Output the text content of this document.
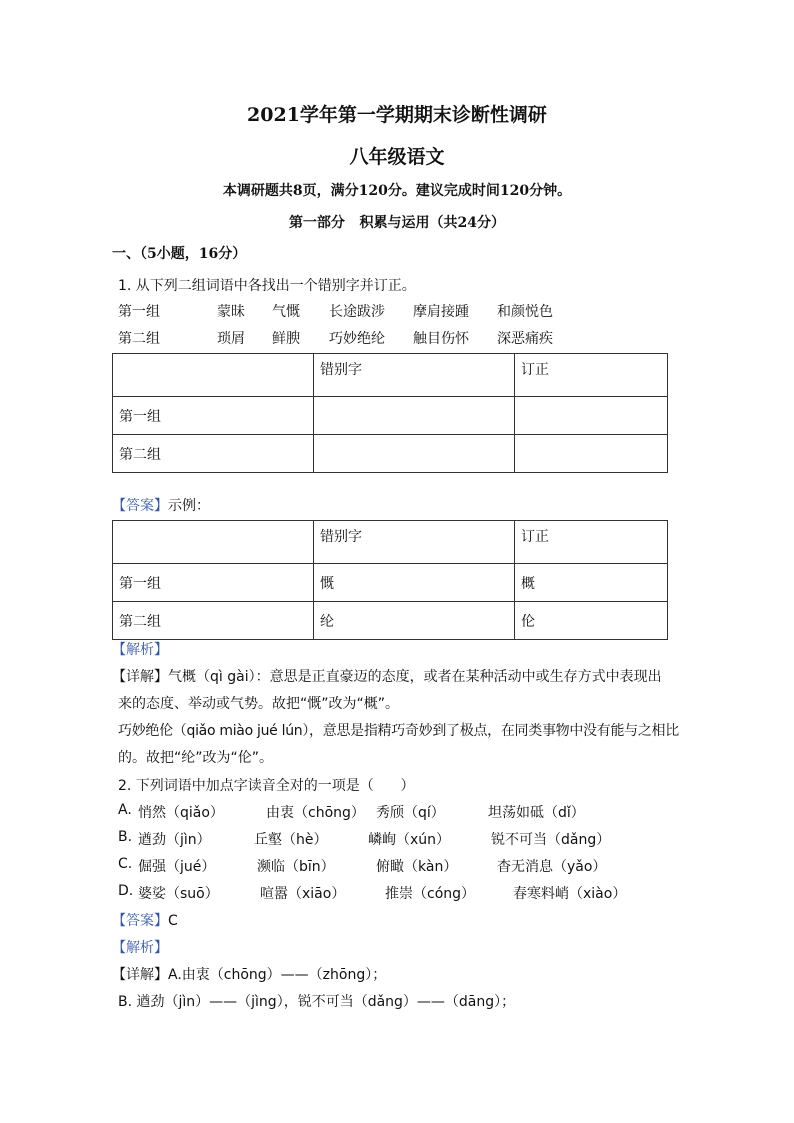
2021学年第一学期期末诊断性调研
八年级语文
本调研题共8页，满分120分。建议完成时间120分钟。
第一部分   积累与运用（共24分）
一、（5小题，16分）
1. 从下列二组词语中各找出一个错别字并订正。
第一组	蒙昧 气慨 长途跋涉 摩肩接踵 和颜悦色
第二组	琐屑 鲜腴 巧妙绝纶 触目伤怀 深恶痛疾
	错别字	订正
第一组		
第二组		
【答案】示例：
	错别字	订正
第一组	慨	概
第二组	纶	伦
【解析】
【详解】气概（qì gài）：意思是正直豪迈的态度，或者在某种活动中或生存方式中表现出
来的态度、举动或气势。故把“慨”改为“概”。
巧妙绝伦（qiǎo miào jué lún），意思是指精巧奇妙到了极点，在同类事物中没有能与之相比
的。故把“纶”改为“伦”。
2. 下列词语中加点字读音全对的一项是（      ）
A. 悄然（qiǎo）	由衷（chōng） 秀颀（qí）	坦荡如砥（dǐ）
B. 遒劲（jìn）	丘壑（hè）	嶙峋（xún）	锐不可当（dǎng）
C. 倔强（jué）	濒临（bīn）	俯瞰（kàn）	杳无消息（yǎo）
D. 婆娑（suō）	喧嚣（xiāo）	推崇（cóng）	春寒料峭（xiào）
【答案】C
【解析】
【详解】A.由衷（chōng）——（zhōng）；
B. 遒劲（jìn）——（jìng），锐不可当（dǎng）——（dāng）；
